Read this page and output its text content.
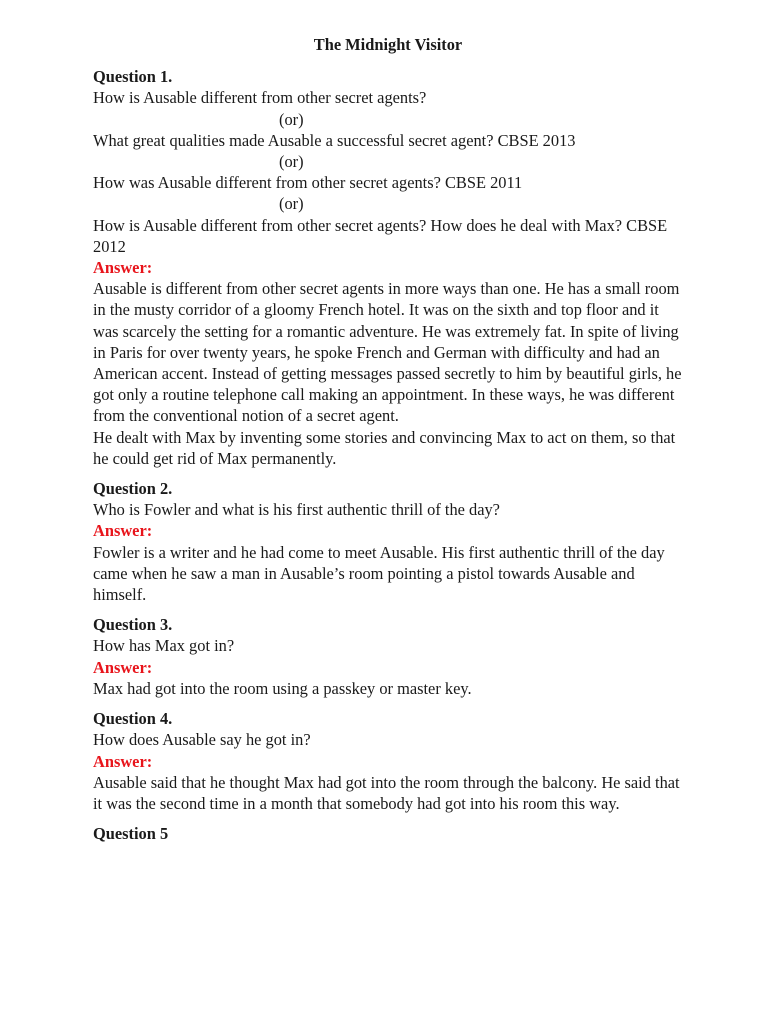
The Midnight Visitor

Question 1.

How is Ausable different from other secret agents?

(or)

What great qualities made Ausable a successful secret agent? CBSE 2013

(or)

How was Ausable different from other secret agents? CBSE 2011

(or)

How is Ausable different from other secret agents? How does he deal with Max? CBSE 2012

Answer:

Ausable is different from other secret agents in more ways than one. He has a small room in the musty corridor of a gloomy French hotel. It was on the sixth and top floor and it was scarcely the setting for a romantic adventure. He was extremely fat. In spite of living in Paris for over twenty years, he spoke French and German with difficulty and had an American accent. Instead of getting messages passed secretly to him by beautiful girls, he got only a routine telephone call making an appointment. In these ways, he was different from the conventional notion of a secret agent.

He dealt with Max by inventing some stories and convincing Max to act on them, so that he could get rid of Max permanently.

Question 2.

Who is Fowler and what is his first authentic thrill of the day?

Answer:

Fowler is a writer and he had come to meet Ausable. His first authentic thrill of the day came when he saw a man in Ausable’s room pointing a pistol towards Ausable and himself.

Question 3.

How has Max got in?

Answer:

Max had got into the room using a passkey or master key.

Question 4.

How does Ausable say he got in?

Answer:

Ausable said that he thought Max had got into the room through the balcony. He said that it was the second time in a month that somebody had got into his room this way.

Question 5
